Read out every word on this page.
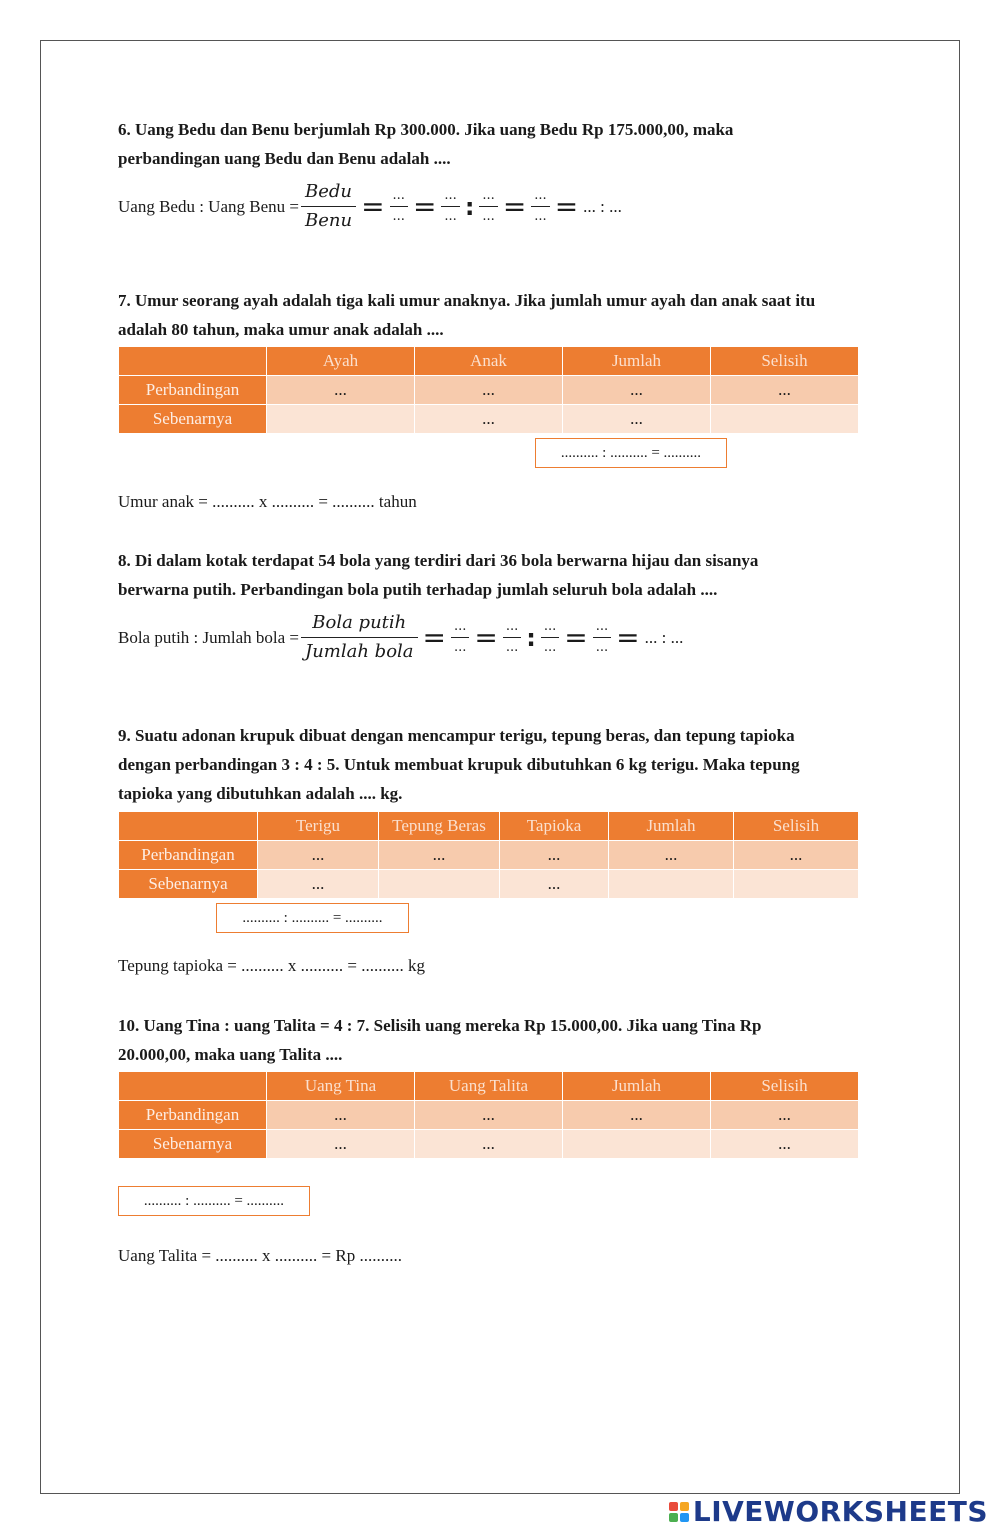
6. Uang Bedu dan Benu berjumlah Rp 300.000. Jika uang Bedu Rp 175.000,00, maka
perbandingan uang Bedu dan Benu adalah ....
Uang Bedu : Uang Benu = $\frac{\text{Bedu}}{\text{Benu}} = \frac{...}{...} = \frac{...}{...}$ : $\frac{...}{...} = \frac{...}{...}$ = ... : ...
7. Umur seorang ayah adalah tiga kali umur anaknya. Jika jumlah umur ayah dan anak saat itu
adalah 80 tahun, maka umur anak adalah ....
	Ayah	Anak	Jumlah	Selisih
Perbandingan	...	...	...	...
Sebenarnya		...	...	
.......... : .......... = ..........
Umur anak = .......... x .......... = .......... tahun
8. Di dalam kotak terdapat 54 bola yang terdiri dari 36 bola berwarna hijau dan sisanya
berwarna putih. Perbandingan bola putih terhadap jumlah seluruh bola adalah ....
Bola putih : Jumlah bola = $\frac{\text{Bola putih}}{\text{Jumlah bola}} = \frac{...}{...} = \frac{...}{...}$ : $\frac{...}{...} = \frac{...}{...}$ = ... : ...
9. Suatu adonan krupuk dibuat dengan mencampur terigu, tepung beras, dan tepung tapioka
dengan perbandingan 3 : 4 : 5. Untuk membuat krupuk dibutuhkan 6 kg terigu. Maka tepung
tapioka yang dibutuhkan adalah .... kg.
	Terigu	Tepung Beras	Tapioka	Jumlah	Selisih
Perbandingan	...	...	...	...	...
Sebenarnya	...		...		
.......... : .......... = ..........
Tepung tapioka = .......... x .......... = .......... kg
10. Uang Tina : uang Talita = 4 : 7. Selisih uang mereka Rp 15.000,00. Jika uang Tina Rp
20.000,00, maka uang Talita ....
	Uang Tina	Uang Talita	Jumlah	Selisih
Perbandingan	...	...	...	...
Sebenarnya	...	...		...
.......... : .......... = ..........
Uang Talita = .......... x .......... = Rp ..........
LIVEWORKSHEETS
